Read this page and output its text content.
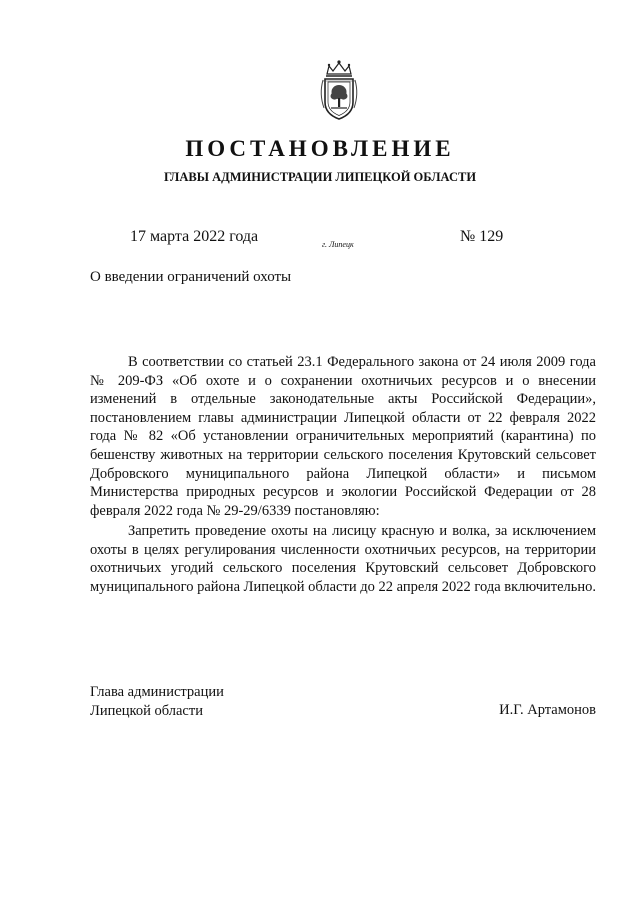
ПОСТАНОВЛЕНИЕ
ГЛАВЫ АДМИНИСТРАЦИИ ЛИПЕЦКОЙ ОБЛАСТИ
17 марта 2022 года	г. Липецк	№ 129
О введении ограничений охоты

В соответствии со статьей 23.1 Федерального закона от 24 июля 2009 года № 209-ФЗ «Об охоте и о сохранении охотничьих ресурсов и о внесении изменений в отдельные законодательные акты Российской Федерации», постановлением главы администрации Липецкой области от 22 февраля 2022 года № 82 «Об установлении ограничительных мероприятий (карантина) по бешенству животных на территории сельского поселения Крутовский сельсовет Добровского муниципального района Липецкой области» и письмом Министерства природных ресурсов и экологии Российской Федерации от 28 февраля 2022 года № 29-29/6339 постановляю:

Запретить проведение охоты на лисицу красную и волка, за исключением охоты в целях регулирования численности охотничьих ресурсов, на территории охотничьих угодий сельского поселения Крутовский сельсовет Добровского муниципального района Липецкой области до 22 апреля 2022 года включительно.

Глава администрации
Липецкой области	И.Г. Артамонов
